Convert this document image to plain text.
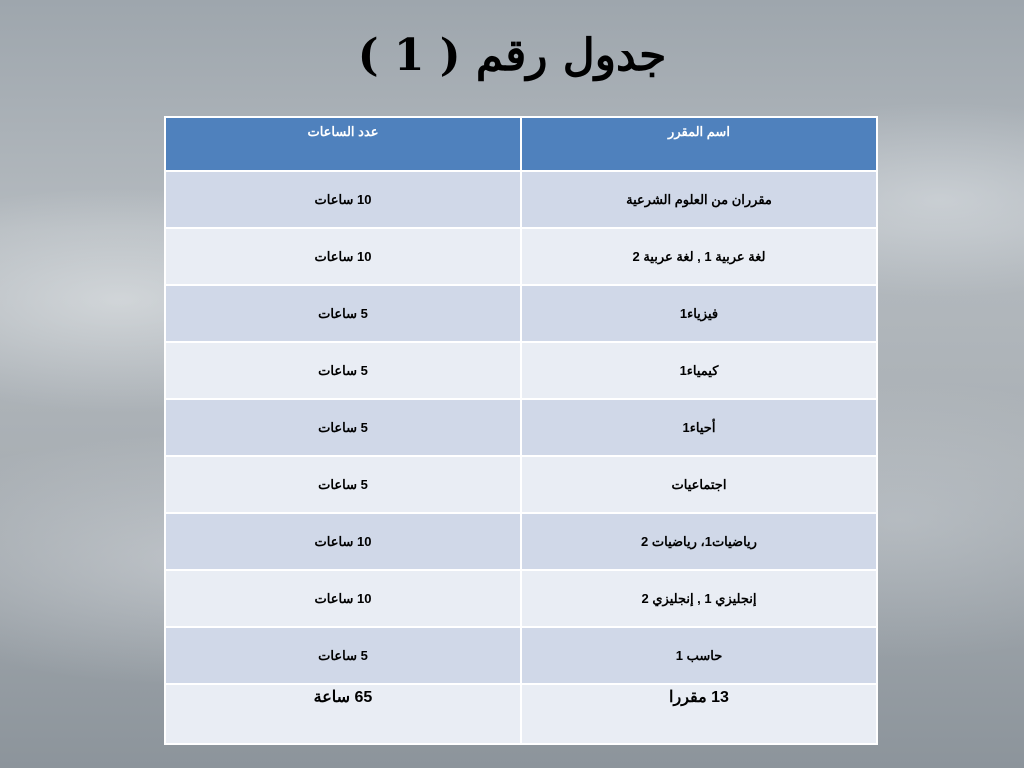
جدول رقم ( 1 )
اسم المقرر	عدد الساعات
مقرران من العلوم الشرعية	10 ساعات
لغة عربية 1 , لغة عربية 2	10 ساعات
فيزياء1	5 ساعات
كيمياء1	5 ساعات
أحياء1	5 ساعات
اجتماعيات	5 ساعات
رياضيات1، رياضيات 2	10 ساعات
إنجليزي 1 , إنجليزي 2	10 ساعات
حاسب 1	5 ساعات
13 مقررا	65 ساعة
